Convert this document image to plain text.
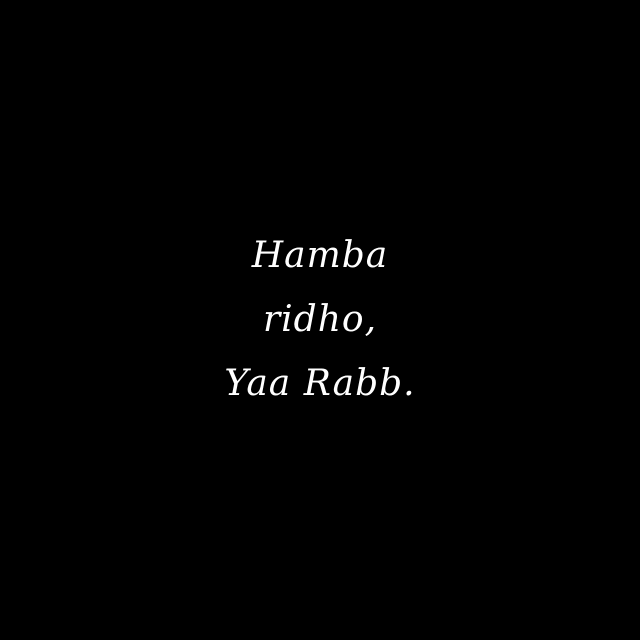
Hamba
ridho,
Yaa Rabb.
